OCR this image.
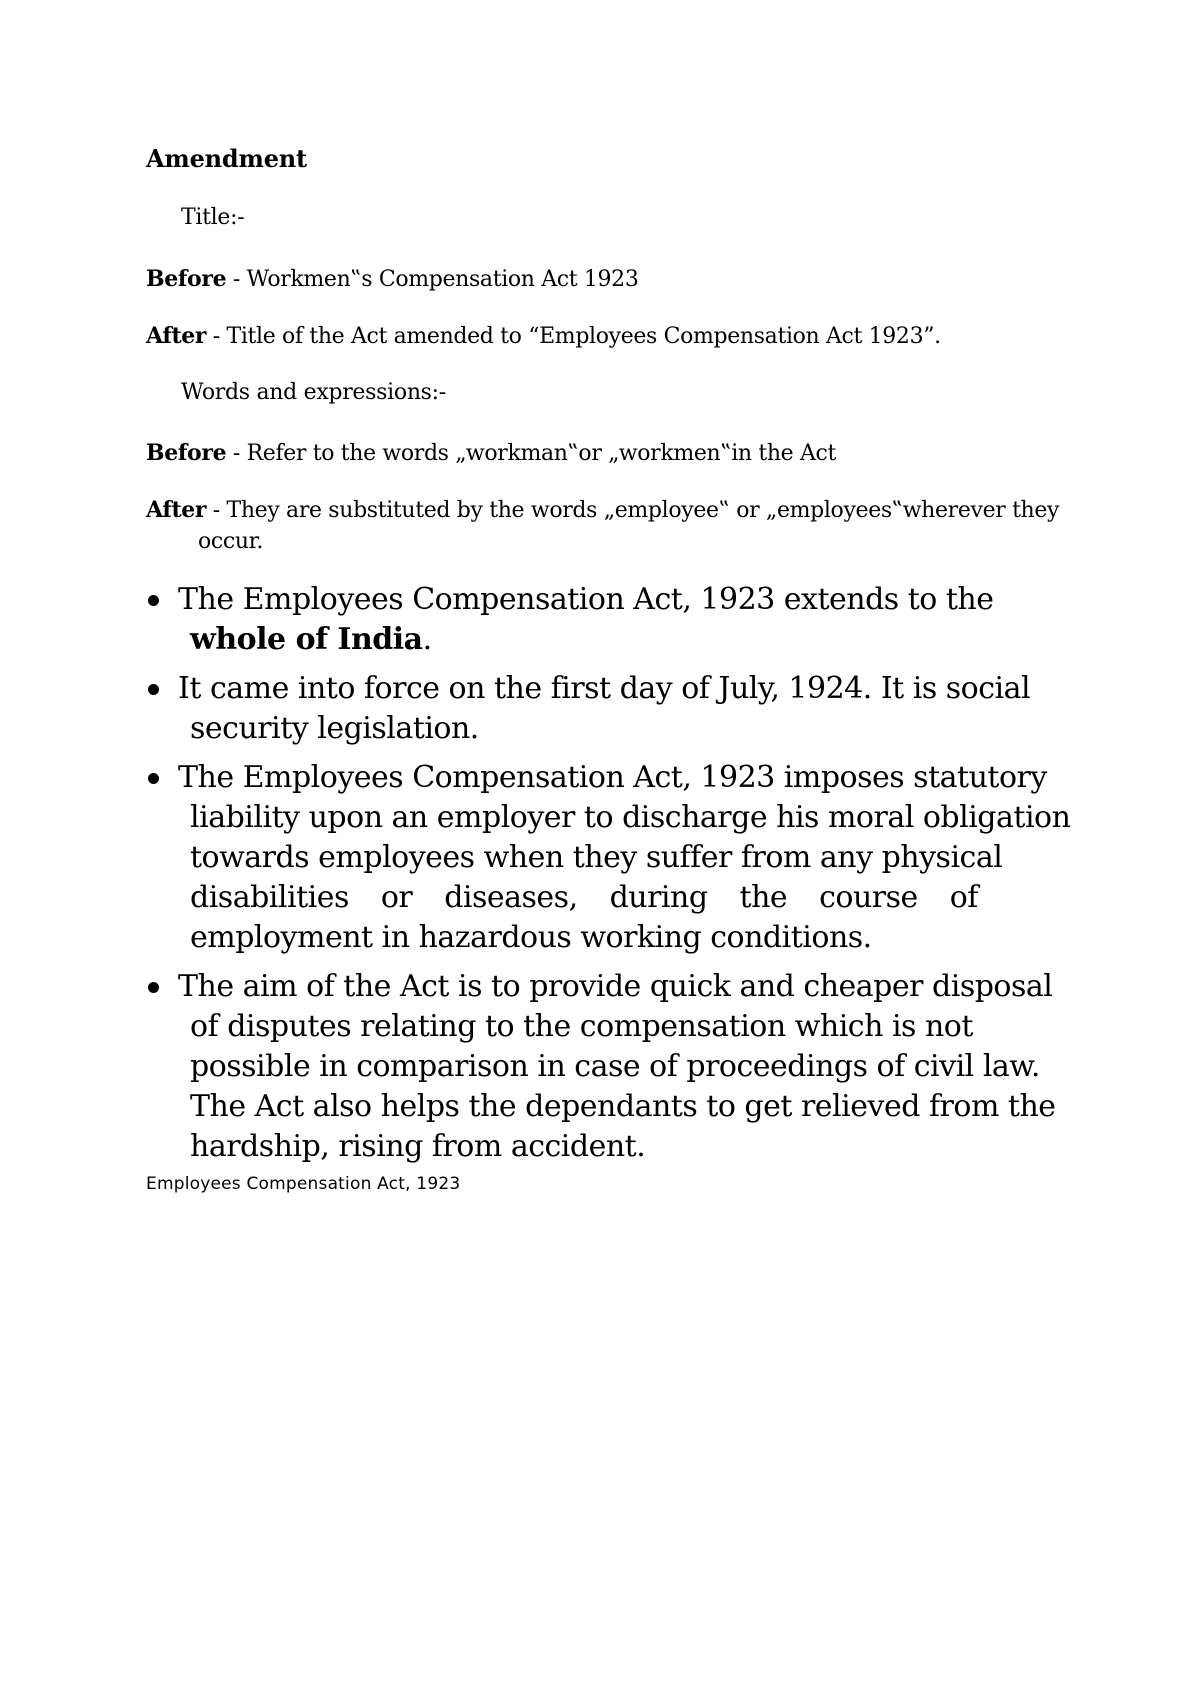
Amendment
Title:-
Before - Workmen‟s Compensation Act 1923
After - Title of the Act amended to “Employees Compensation Act 1923”.
Words and expressions:-
Before - Refer to the words „workman‟or „workmen‟in the Act
After - They are substituted by the words „employee‟ or „employees‟wherever they
occur.
The Employees Compensation Act, 1923 extends to the
whole of India.
It came into force on the first day of July, 1924. It is social
security legislation.
The Employees Compensation Act, 1923 imposes statutory
liability upon an employer to discharge his moral obligation
towards employees when they suffer from any physical
disabilities or diseases, during the course of
employment in hazardous working conditions.
The aim of the Act is to provide quick and cheaper disposal
of disputes relating to the compensation which is not
possible in comparison in case of proceedings of civil law.
The Act also helps the dependants to get relieved from the
hardship, rising from accident.
Employees Compensation Act, 1923
